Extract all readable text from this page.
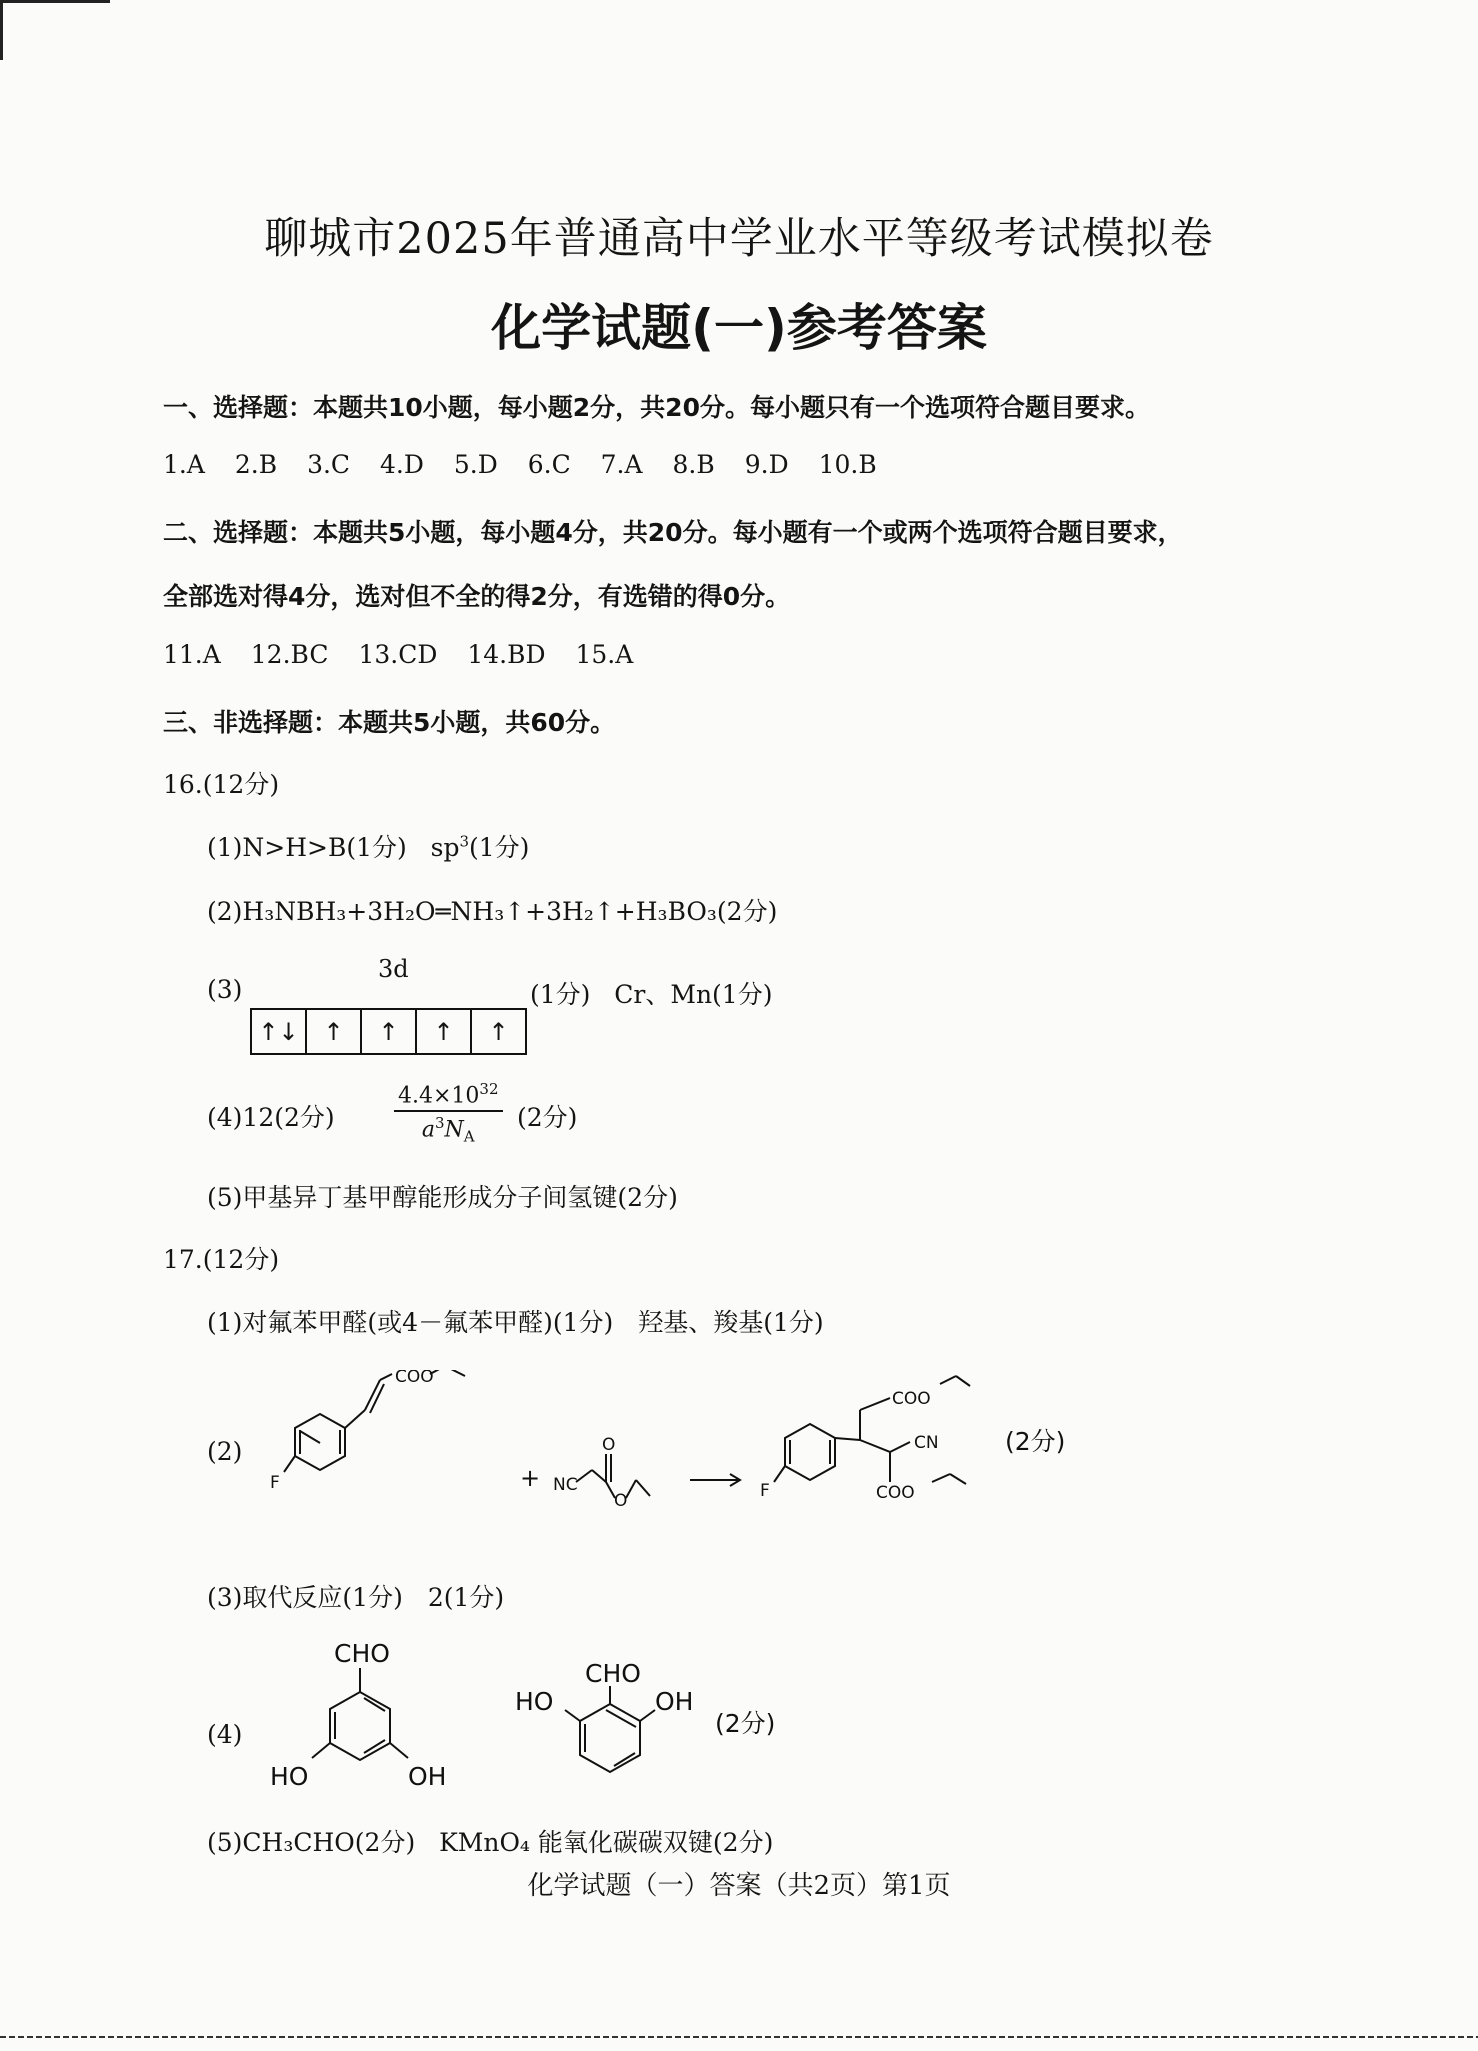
聊城市2025年普通高中学业水平等级考试模拟卷
化学试题(一)参考答案
一、选择题：本题共10小题，每小题2分，共20分。每小题只有一个选项符合题目要求。
1.A 2.B 3.C 4.D 5.D 6.C 7.A 8.B 9.D 10.B
二、选择题：本题共5小题，每小题4分，共20分。每小题有一个或两个选项符合题目要求，
全部选对得4分，选对但不全的得2分，有选错的得0分。
11.A 12.BC 13.CD 14.BD 15.A
三、非选择题：本题共5小题，共60分。
16.(12分)
(1)N>H>B(1分) $sp^3(1$分)
(2)H₃NBH₃+3H₂O═NH₃↑+3H₂↑+H₃BO₃(2分)
(3)
3d
↑↓	↑	↑	↑	↑
(1分) Cr、Mn(1分)
(4)12(2分)	$\frac{4.4\times 10^{32}}{a^3N_A} (2$分)
(5)甲基异丁基甲醇能形成分子间氢键(2分)
17.(12分)
(1)对氟苯甲醛(或4－氟苯甲醛)(1分)　羟基、羧基(1分)
(2)
COO
F	+ NC
O
O	F
COO
CN
COO
(2分)
(3)取代反应(1分)　2(1分)
(4)
CHO
HO	OH
CHO
HO	OH
(2分)
(5)CH₃CHO(2分) KMnO₄ 能氧化碳碳双键(2分)
化学试题（一）答案（共2页）第1页
